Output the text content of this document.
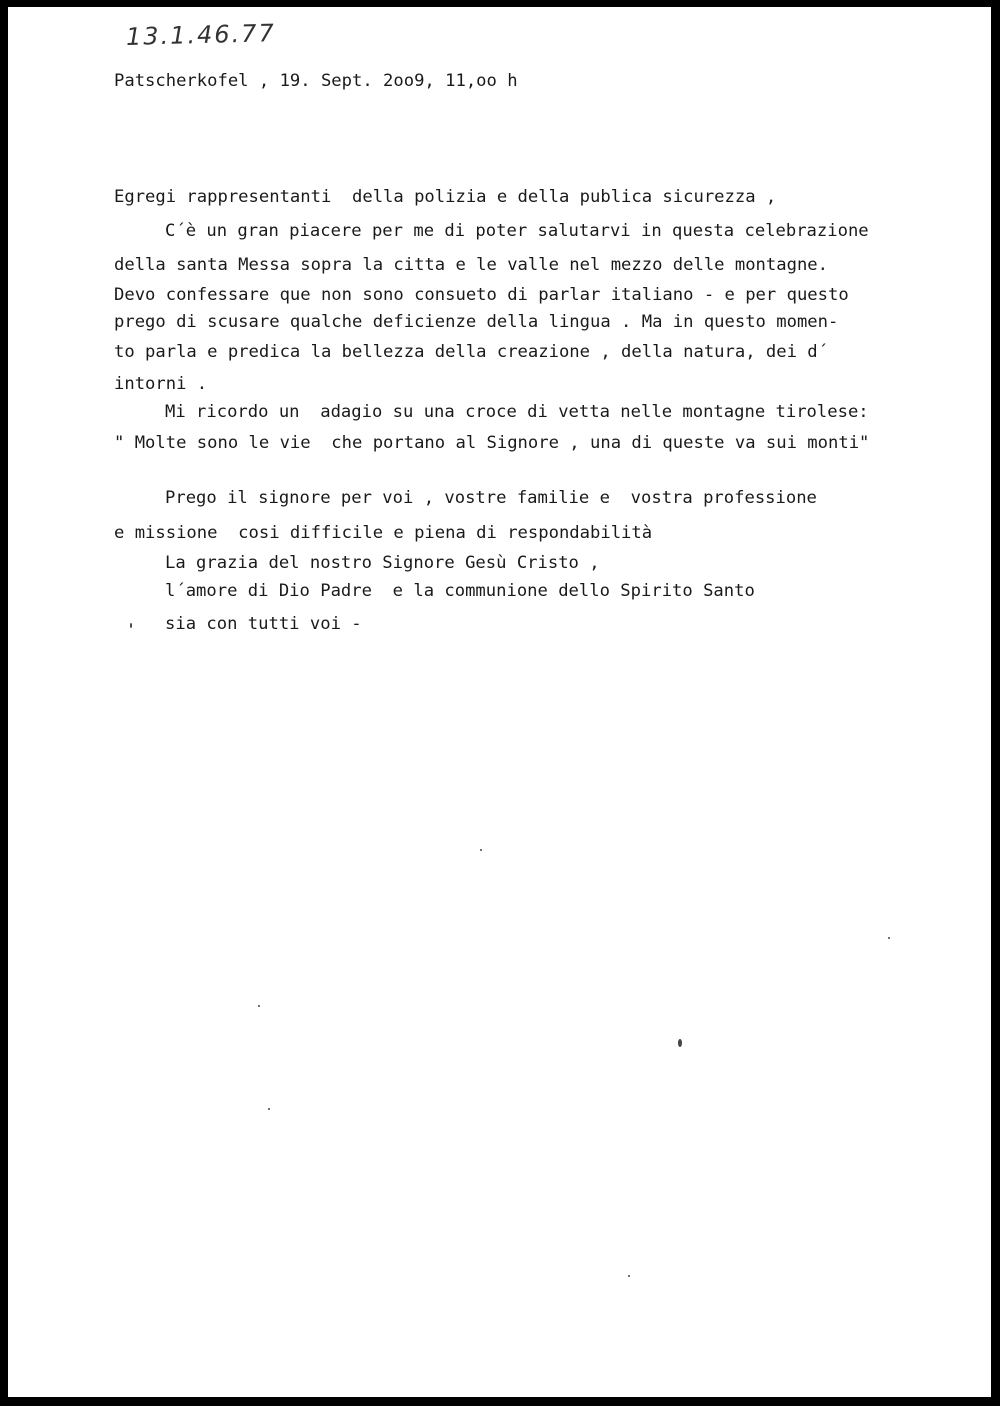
13.1.46.77
Patscherkofel , 19. Sept. 2oo9, 11,oo h
Egregi rappresentanti  della polizia e della publica sicurezza ,
C´è un gran piacere per me di poter salutarvi in questa celebrazione
della santa Messa sopra la citta e le valle nel mezzo delle montagne.
Devo confessare que non sono consueto di parlar italiano - e per questo
prego di scusare qualche deficienze della lingua . Ma in questo momen-
to parla e predica la bellezza della creazione , della natura, dei d´
intorni .
Mi ricordo un  adagio su una croce di vetta nelle montagne tirolese:
" Molte sono le vie  che portano al Signore , una di queste va sui monti"
Prego il signore per voi , vostre familie e  vostra professione
e missione  cosi difficile e piena di respondabilità
La grazia del nostro Signore Gesù Cristo ,
l´amore di Dio Padre  e la communione dello Spirito Santo
sia con tutti voi -
